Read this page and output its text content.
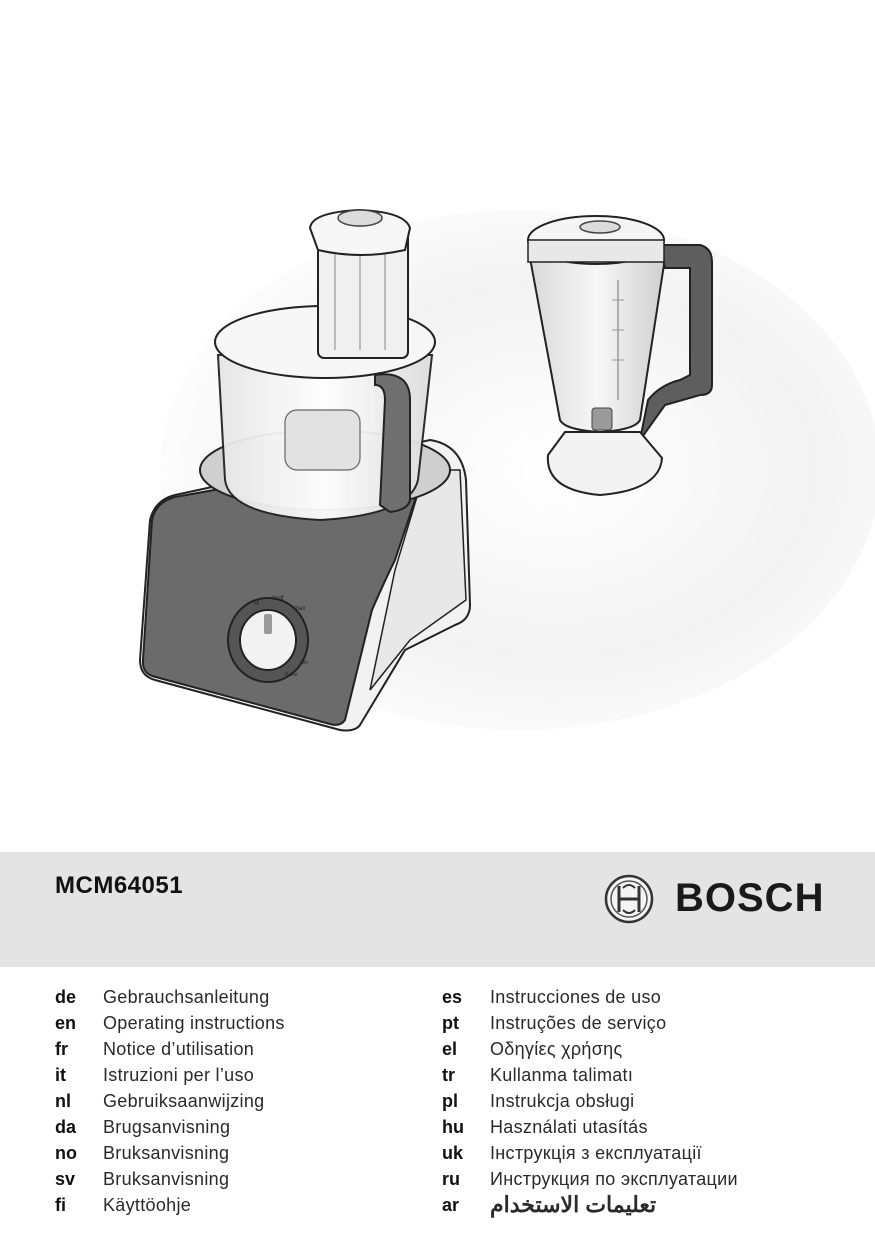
M
0/off
max
min
Pulse
MCM64051	BOSCH
de	Gebrauchsanleitung
en	Operating instructions
fr	Notice d’utilisation
it	Istruzioni per l’uso
nl	Gebruiksaanwijzing
da	Brugsanvisning
no	Bruksanvisning
sv	Bruksanvisning
fi	Käyttöohje
es	Instrucciones de uso
pt	Instruções de serviço
el	Οδηγίες χρήσης
tr	Kullanma talimatı
pl	Instrukcja obsługi
hu	Használati utasítás
uk	Інструкція з експлуатації
ru	Инструкция по эксплуатации
ar	تعليمات الاستخدام
